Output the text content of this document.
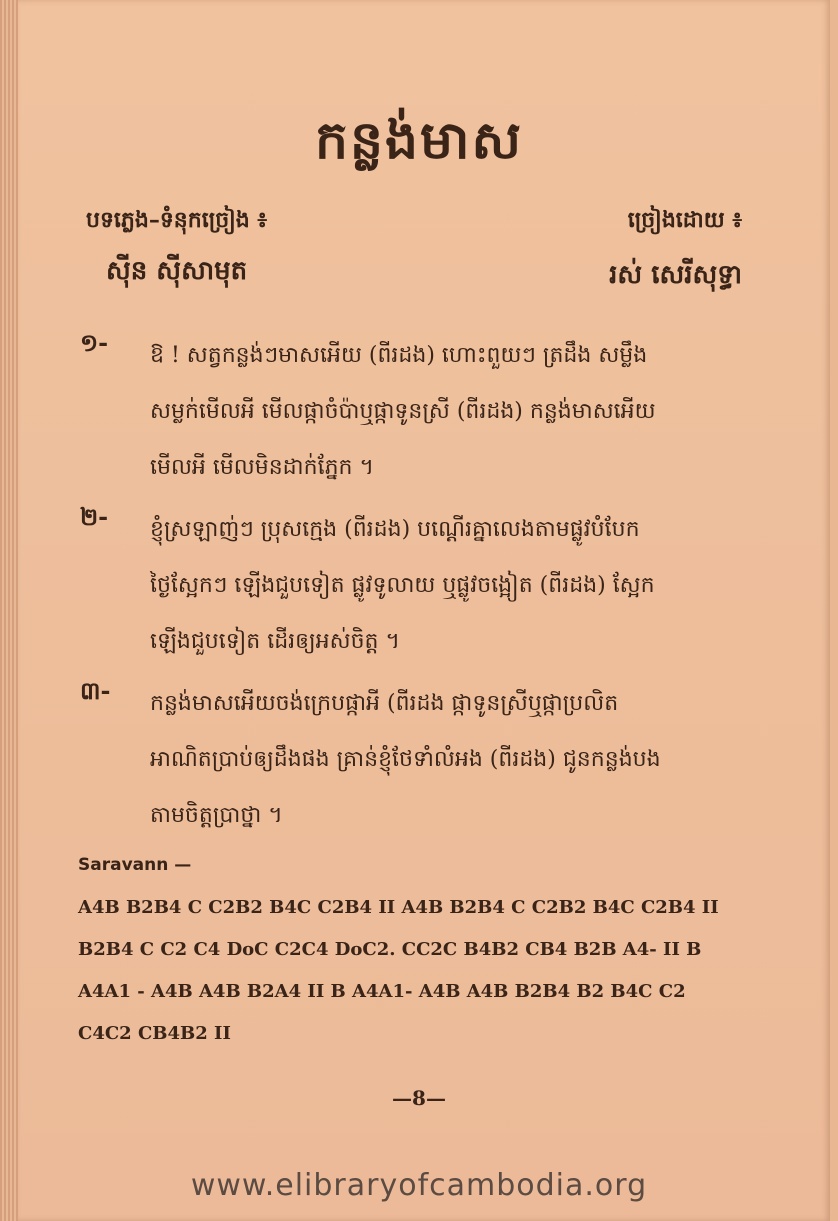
កន្លង់មាស
បទភ្លេង–ទំនុកច្រៀង ៖
ស៊ីន ស៊ីសាមុត
ច្រៀងដោយ ៖
រស់ សេរីសុទ្ធា
១- ឱ ! សត្វកន្លង់ៗមាសអើយ (ពីរដង) ហោះពួយៗ ត្រដឹង សម្លឹង
សម្លក់មើលអី មើលផ្កាចំប៉ាឬផ្កាទូនស្រី (ពីរដង) កន្លង់មាសអើយ
មើលអី មើលមិនដាក់ភ្នែក ។
២- ខ្ញុំស្រឡាញ់ៗ ប្រុសក្មេង (ពីរដង) បណ្ដើរគ្នាលេងតាមផ្លូវបំបែក
ថ្ងៃស្អែកៗ ឡើងជួបទៀត ផ្លូវទូលាយ ឬផ្លូវចង្អៀត (ពីរដង) ស្អែក
ឡើងជួបទៀត ដើរឲ្យអស់ចិត្ត ។
៣- កន្លង់មាសអើយចង់ក្រេបផ្កាអី (ពីរដង ផ្កាទូនស្រីឬផ្កាប្រលិត
អាណិតប្រាប់ឲ្យដឹងផង គ្រាន់ខ្ញុំថែទាំលំអង (ពីរដង) ជូនកន្លង់បង
តាមចិត្តប្រាថ្នា ។
Saravann —
A4B B2B4 C C2B2 B4C C2B4 II A4B B2B4 C C2B2 B4C C2B4 II
B2B4 C C2 C4 DoC C2C4 DoC2. CC2C B4B2 CB4 B2B A4- II B
A4A1 - A4B A4B B2A4 II B A4A1- A4B A4B B2B4 B2 B4C C2
C4C2 CB4B2 II
—8—
www.elibraryofcambodia.org
